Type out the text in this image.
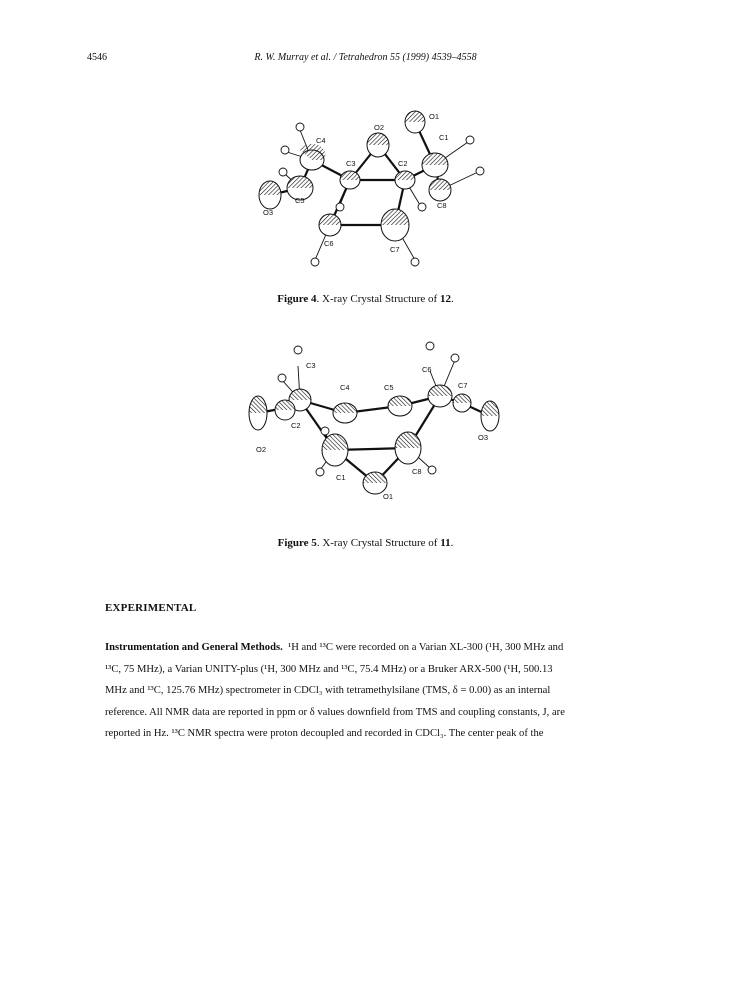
4546	R. W. Murray et al. / Tetrahedron 55 (1999) 4539–4558
O1
O2
O3
C1
C2
C3
C4
C5
C6
C7
C8
Figure 4. X-ray Crystal Structure of 12.
O1
O2
O3
C1
C2
C3
C4	C5
C6
C7
C8
Figure 5. X-ray Crystal Structure of 11.
EXPERIMENTAL
Instrumentation and General Methods. ¹H and ¹³C were recorded on a Varian XL-300 (¹H, 300 MHz and
¹³C, 75 MHz), a Varian UNITY-plus (¹H, 300 MHz and ¹³C, 75.4 MHz) or a Bruker ARX-500 (¹H, 500.13
MHz and ¹³C, 125.76 MHz) spectrometer in CDCl₃ with tetramethylsilane (TMS, δ = 0.00) as an internal
reference. All NMR data are reported in ppm or δ values downfield from TMS and coupling constants, J, are
reported in Hz. ¹³C NMR spectra were proton decoupled and recorded in CDCl₃. The center peak of the
